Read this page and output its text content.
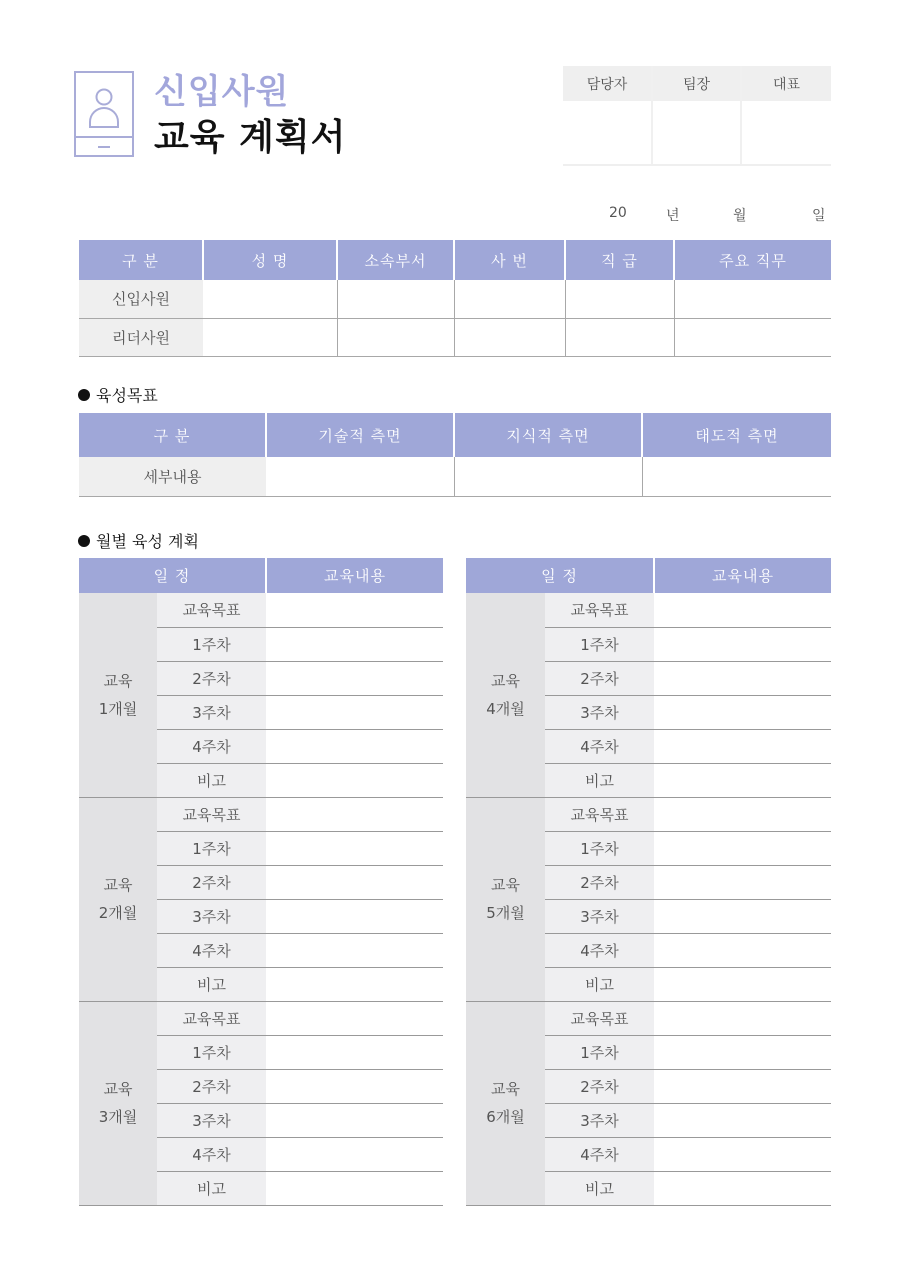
신입사원
교육 계획서
담당자	팀장	대표

20	년	월	일
구 분	성 명	소속부서	사 번	직 급	주요 직무
신입사원					
리더사원					
육성목표
구 분	기술적 측면	지식적 측면	태도적 측면
세부내용			
월별 육성 계획
일 정		교육내용

교육
1개월	교육목표	
	1주차	
	2주차	
	3주차	
	4주차	
	비고	

교육
2개월	교육목표	
	1주차	
	2주차	
	3주차	
	4주차	
	비고	

교육
3개월	교육목표	
	1주차	
	2주차	
	3주차	
	4주차	
	비고	
일 정		교육내용

교육
4개월	교육목표	
	1주차	
	2주차	
	3주차	
	4주차	
	비고	

교육
5개월	교육목표	
	1주차	
	2주차	
	3주차	
	4주차	
	비고	

교육
6개월	교육목표	
	1주차	
	2주차	
	3주차	
	4주차	
	비고	
